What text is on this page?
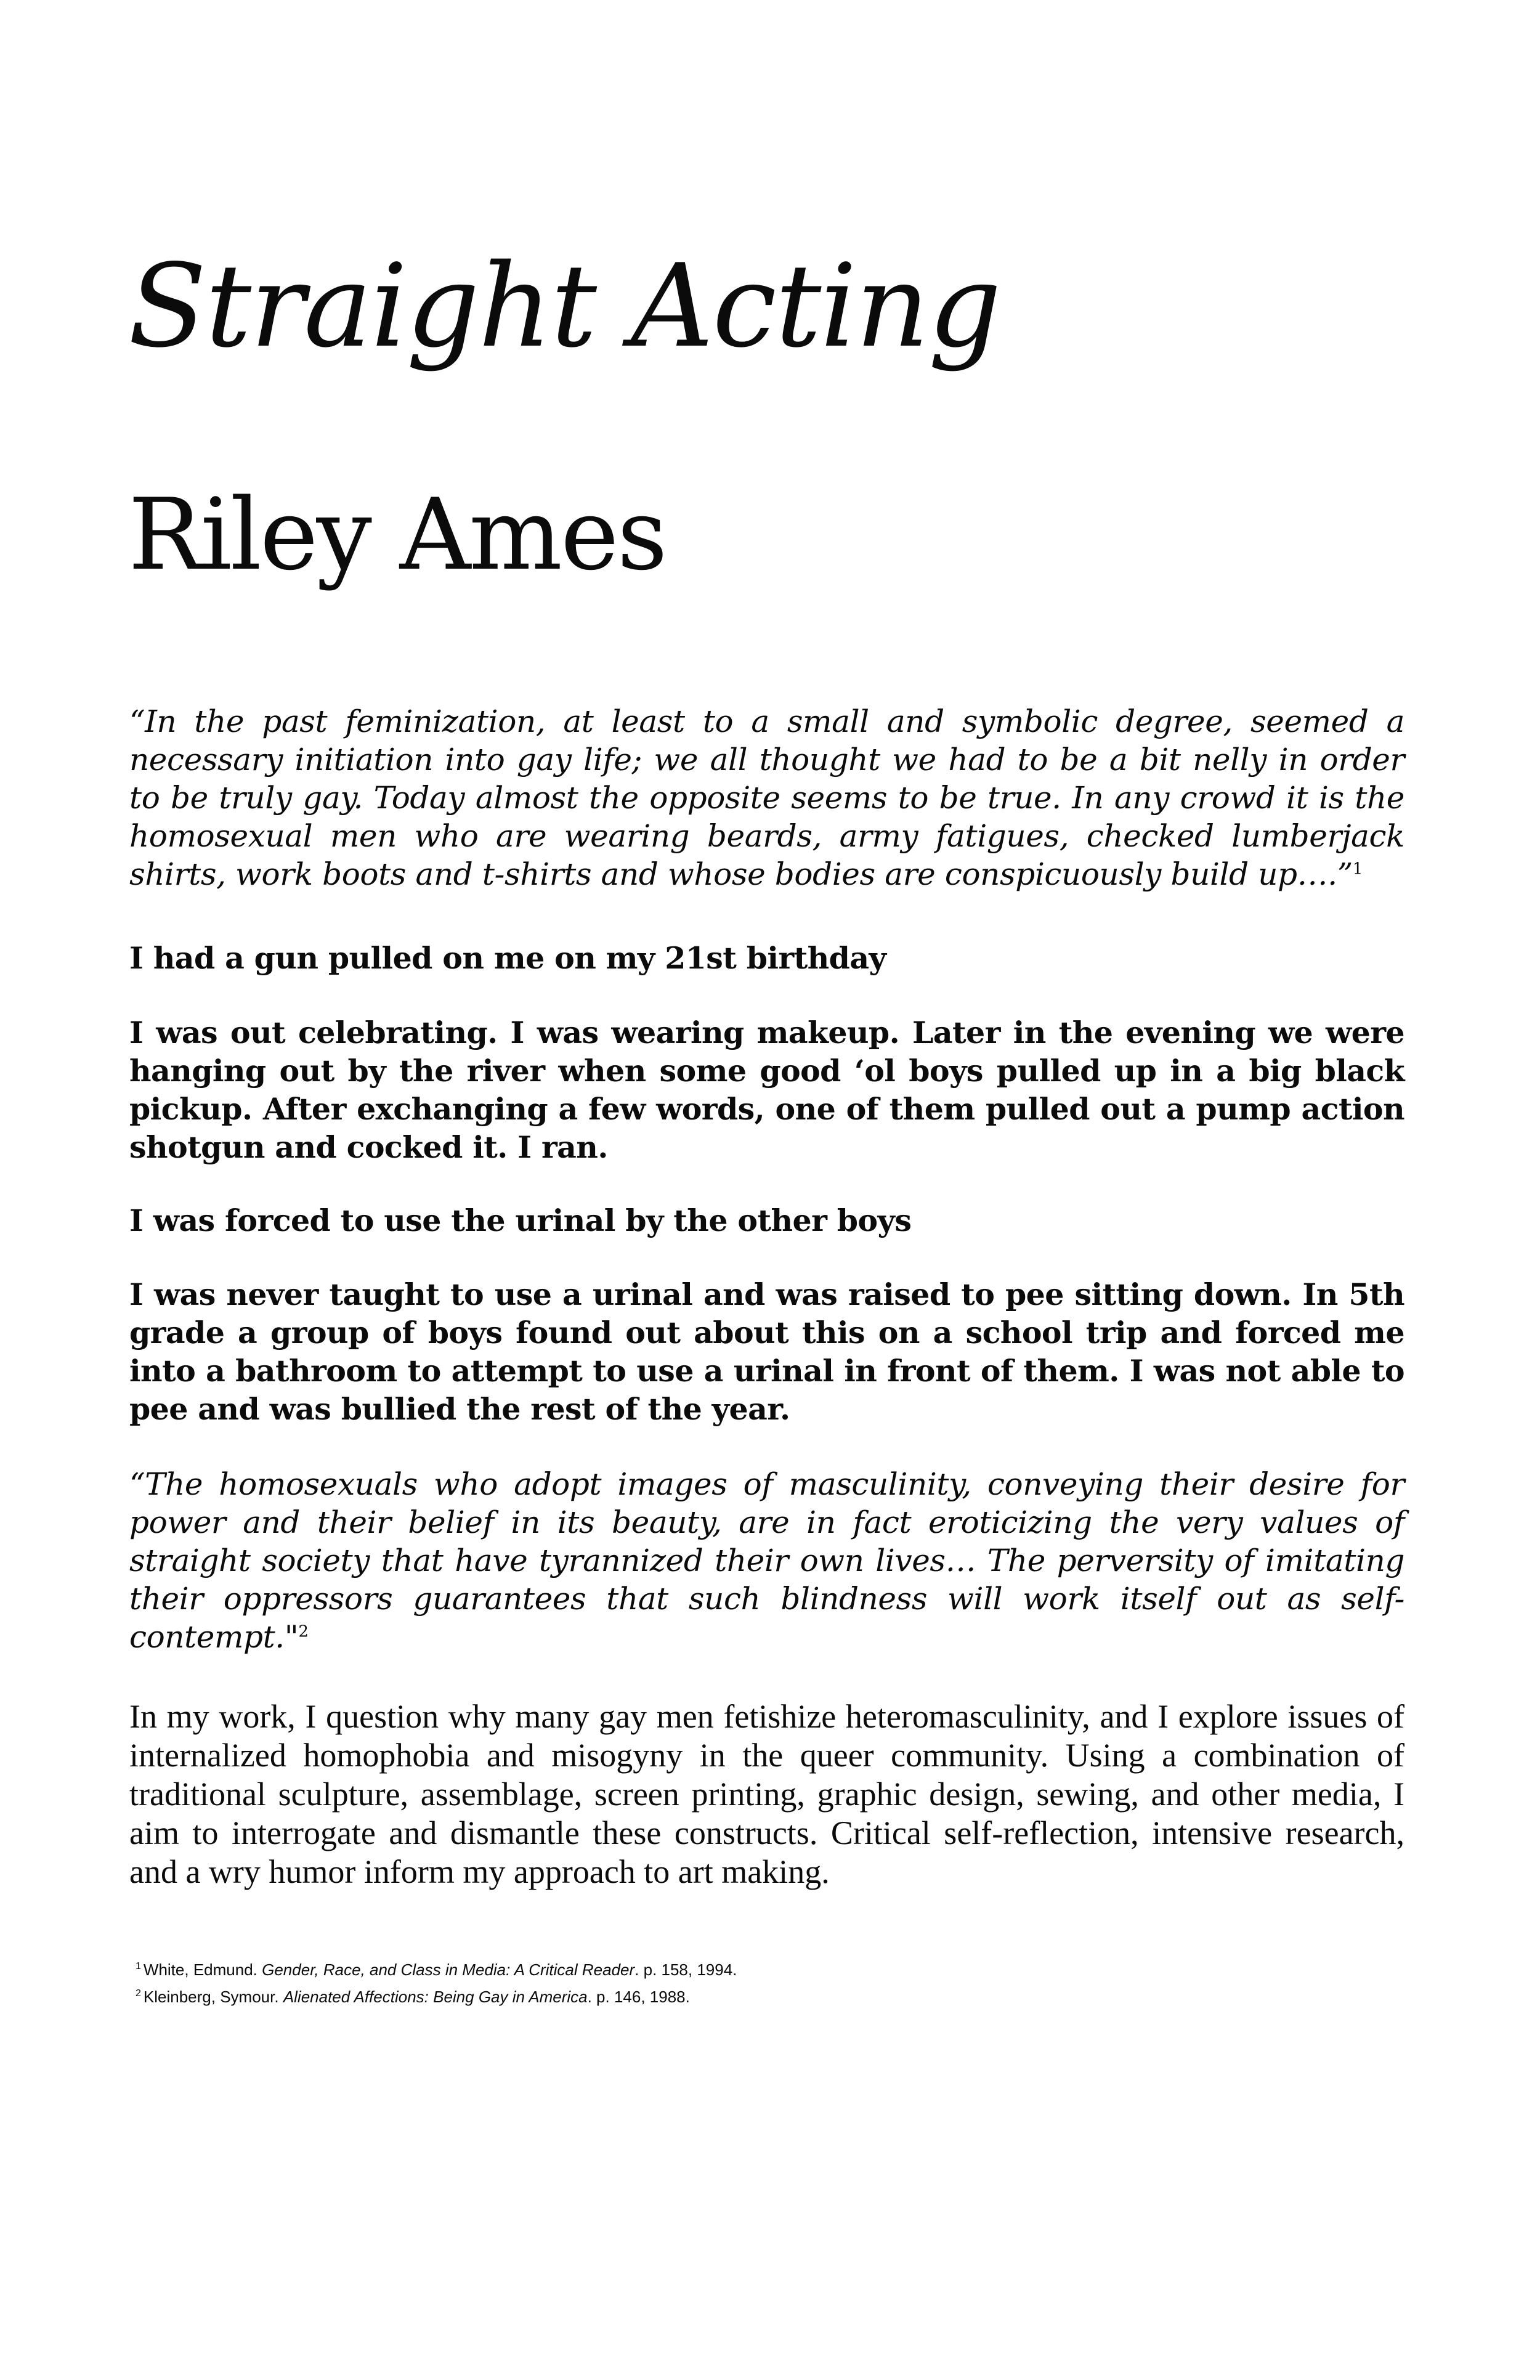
Straight Acting
Riley Ames

“In the past feminization, at least to a small and symbolic degree, seemed a necessary initiation into gay life; we all thought we had to be a bit nelly in order to be truly gay. Today almost the opposite seems to be true. In any crowd it is the homosexual men who are wearing beards, army fatigues, checked lumberjack shirts, work boots and t-shirts and whose bodies are conspicuously build up….”$^1$

I had a gun pulled on me on my 21st birthday

I was out celebrating. I was wearing makeup. Later in the evening we were hanging out by the river when some good ‘ol boys pulled up in a big black pickup. After exchanging a few words, one of them pulled out a pump action shotgun and cocked it. I ran.

I was forced to use the urinal by the other boys

I was never taught to use a urinal and was raised to pee sitting down. In 5th grade a group of boys found out about this on a school trip and forced me into a bathroom to attempt to use a urinal in front of them. I was not able to pee and was bullied the rest of the year.

“The homosexuals who adopt images of masculinity, conveying their desire for power and their belief in its beauty, are in fact eroticizing the very values of straight society that have tyrannized their own lives… The perversity of imitating their oppressors guarantees that such blindness will work itself out as self-contempt."$^2$

In my work, I question why many gay men fetishize heteromasculinity, and I explore issues of internalized homophobia and misogyny in the queer community. Using a combination of traditional sculpture, assemblage, screen printing, graphic design, sewing, and other media, I aim to interrogate and dismantle these constructs. Critical self-reflection, intensive research, and a wry humor inform my approach to art making.

$^1$ White, Edmund. Gender, Race, and Class in Media: A Critical Reader. p. 158, 1994.
$^2$ Kleinberg, Symour. Alienated Affections: Being Gay in America. p. 146, 1988.
